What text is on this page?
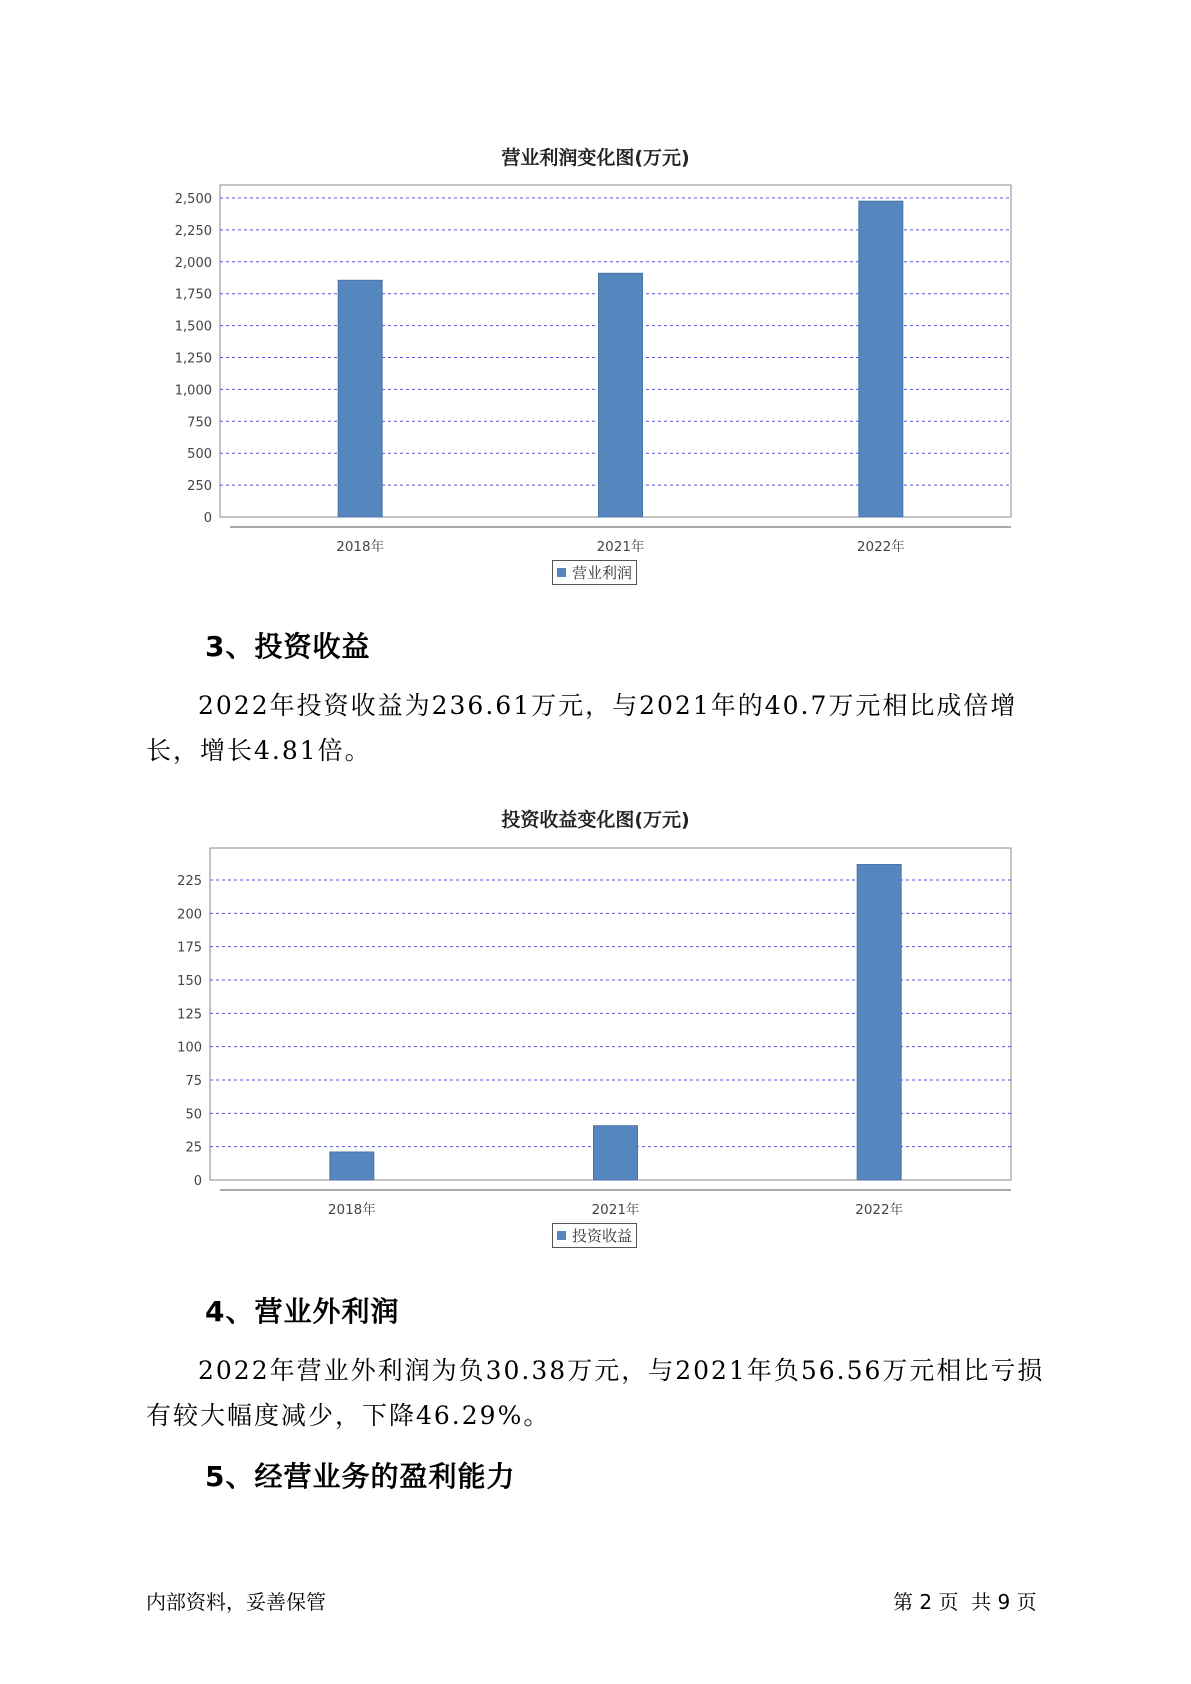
营业利润变化图(万元)
0
250
500
750
1,000
1,250
1,500
1,750
2,000
2,250
2,500
2018年	2021年	2022年
营业利润
3、投资收益
2022年投资收益为236.61万元，与2021年的40.7万元相比成倍增长，增长4.81倍。
投资收益变化图(万元)
0
25
50
75
100
125
150
175
200
225
2018年	2021年	2022年
投资收益
4、营业外利润
2022年营业外利润为负30.38万元，与2021年负56.56万元相比亏损有较大幅度减少，下降46.29%。
5、经营业务的盈利能力
内部资料，妥善保管	第 2 页  共 9 页
